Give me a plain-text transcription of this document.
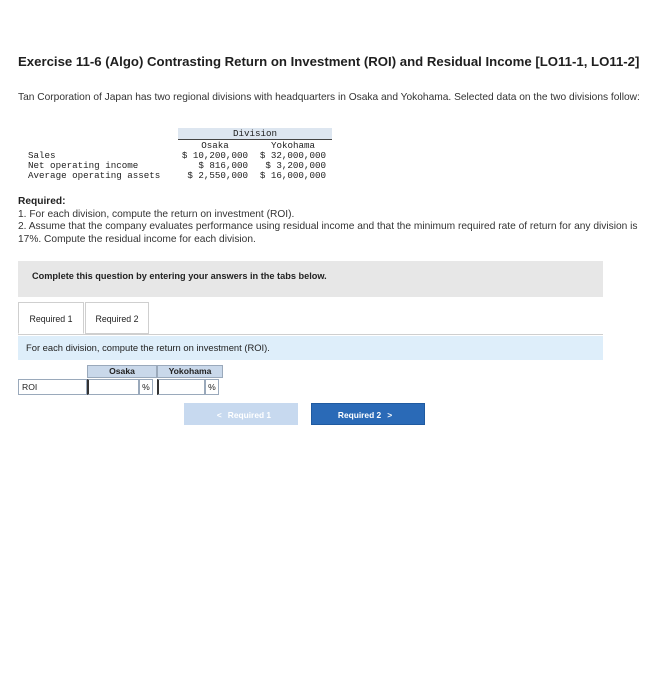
Exercise 11-6 (Algo) Contrasting Return on Investment (ROI) and Residual Income [LO11-1, LO11-2]
Tan Corporation of Japan has two regional divisions with headquarters in Osaka and Yokohama. Selected data on the two divisions follow:
Division
Osaka	Yokohama
Sales	$ 10,200,000	$ 32,000,000
Net operating income	$ 816,000	$ 3,200,000
Average operating assets	$ 2,550,000	$ 16,000,000
Required:
1. For each division, compute the return on investment (ROI).
2. Assume that the company evaluates performance using residual income and that the minimum required rate of return for any division is 17%. Compute the residual income for each division.
Complete this question by entering your answers in the tabs below.
Required 1	Required 2
For each division, compute the return on investment (ROI).
Osaka	Yokohama
ROI	%	%
< Required 1	Required 2 >
